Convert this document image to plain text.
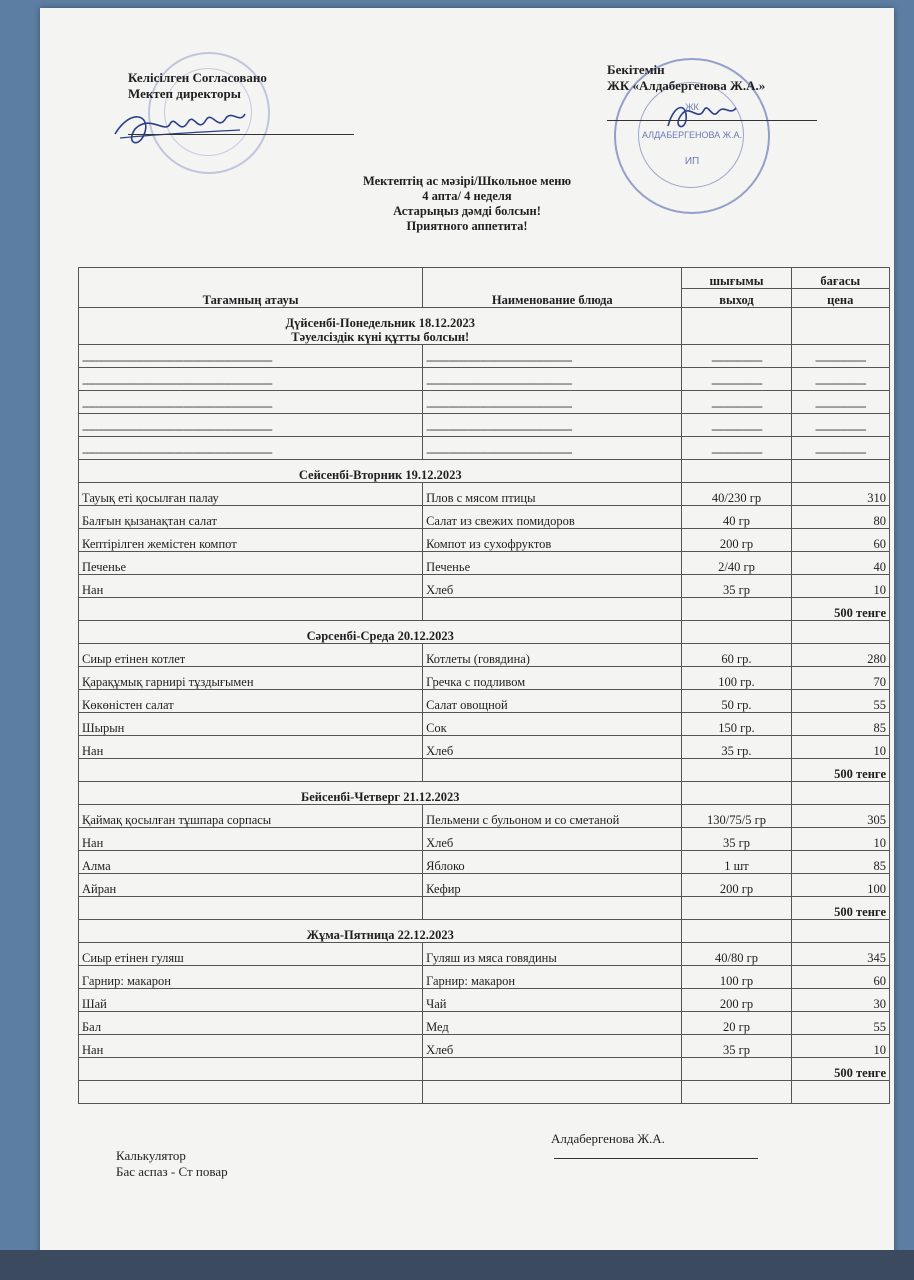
ЖК
АЛДАБЕРГЕНОВА Ж.А.
ИП
Келісілген Согласовано
Мектеп директоры
Бекітемін
ЖК «Алдабергенова Ж.А.»
Мектептің ас мәзірі/Школьное меню
4 апта/ 4 неделя
Астарыңыз дәмді болсын!
Приятного аппетита!
Тағамның атауы	Наименование блюда	шығымы	бағасы
		выход	цена

Дүйсенбі-Понедельник 18.12.2023
Тәуелсіздік күні құтты болсын!			

------------------------------------------------------------	----------------------------------------------	----------------	----------------
------------------------------------------------------------	----------------------------------------------	----------------	----------------
------------------------------------------------------------	----------------------------------------------	----------------	----------------
------------------------------------------------------------	----------------------------------------------	----------------	----------------
------------------------------------------------------------	----------------------------------------------	----------------	----------------

Сейсенбі-Вторник 19.12.2023			

Тауық еті қосылған палау	Плов с мясом птицы	40/230 гр	310
Балғын қызанақтан салат	Салат из свежих помидоров	40 гр	80
Кептірілген жемістен компот	Компот из сухофруктов	200 гр	60
Печенье	Печенье	2/40 гр	40
Нан	Хлеб	35 гр	10
			500 тенге

Сәрсенбі-Среда 20.12.2023			

Сиыр етінен котлет	Котлеты (говядина)	60 гр.	280
Қарақұмық гарнирі тұздығымен	Гречка с подливом	100 гр.	70
Көкөністен салат	Салат овощной	50 гр.	55
Шырын	Сок	150 гр.	85
Нан	Хлеб	35 гр.	10
			500 тенге

Бейсенбі-Четверг 21.12.2023			

Қаймақ қосылған тұшпара сорпасы	Пельмени с бульоном и со сметаной	130/75/5 гр	305
Нан	Хлеб	35 гр	10
Алма	Яблоко	1 шт	85
Айран	Кефир	200 гр	100
			500 тенге

Жұма-Пятница 22.12.2023			

Сиыр етінен гуляш	Гуляш из мяса говядины	40/80 гр	345
Гарнир: макарон	Гарнир: макарон	100 гр	60
Шай	Чай	200 гр	30
Бал	Мед	20 гр	55
Нан	Хлеб	35 гр	10
			500 тенге

Алдабергенова Ж.А.
Калькулятор
Бас аспаз - Ст повар
